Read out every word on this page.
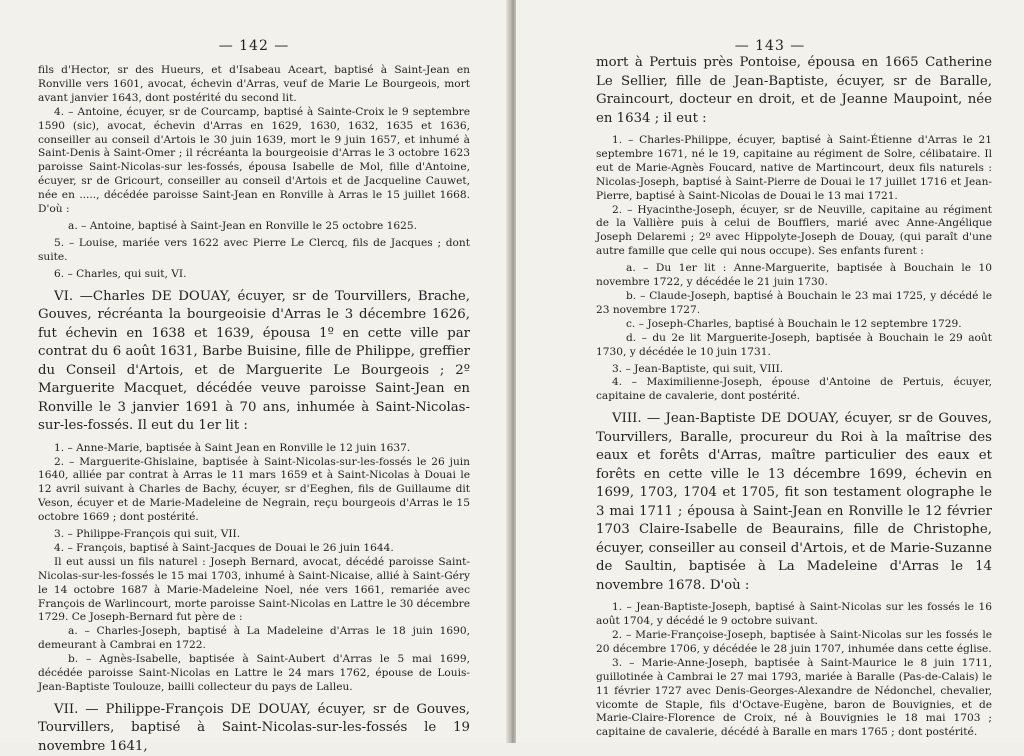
— 142 —

fils d'Hector, sr des Hueurs, et d'Isabeau Aceart, baptisé à Saint-Jean en Ronville vers 1601, avocat, échevin d'Arras, veuf de Marie Le Bourgeois, mort avant janvier 1643, dont postérité du second lit.

4. – Antoine, écuyer, sr de Courcamp, baptisé à Sainte-Croix le 9 septembre 1590 (sic), avocat, échevin d'Arras en 1629, 1630, 1632, 1635 et 1636, conseiller au conseil d'Artois le 30 juin 1639, mort le 9 juin 1657, et inhumé à Saint-Denis à Saint-Omer ; il récréanta la bourgeoisie d'Arras le 3 octobre 1623 paroisse Saint-Nicolas-sur les-fossés, épousa Isabelle de Mol, fille d'Antoine, écuyer, sr de Gricourt, conseiller au conseil d'Artois et de Jacqueline Cauwet, née en ....., décédée paroisse Saint-Jean en Ronville à Arras le 15 juillet 1668. D'où :

a. – Antoine, baptisé à Saint-Jean en Ronville le 25 octobre 1625.

5. – Louise, mariée vers 1622 avec Pierre Le Clercq, fils de Jacques ; dont suite.

6. – Charles, qui suit, VI.

VI. —Charles DE DOUAY, écuyer, sr de Tourvillers, Brache, Gouves, récréanta la bourgeoisie d'Arras le 3 décembre 1626, fut échevin en 1638 et 1639, épousa 1º en cette ville par contrat du 6 août 1631, Barbe Buisine, fille de Philippe, greffier du Conseil d'Artois, et de Marguerite Le Bourgeois ; 2º Marguerite Macquet, décédée veuve paroisse Saint-Jean en Ronville le 3 janvier 1691 à 70 ans, inhumée à Saint-Nicolas-sur-les-fossés. Il eut du 1er lit :

1. – Anne-Marie, baptisée à Saint Jean en Ronville le 12 juin 1637.

2. – Marguerite-Ghislaine, baptisée à Saint-Nicolas-sur-les-fossés le 26 juin 1640, alliée par contrat à Arras le 11 mars 1659 et à Saint-Nicolas à Douai le 12 avril suivant à Charles de Bachy, écuyer, sr d'Eeghen, fils de Guillaume dit Veson, écuyer et de Marie-Madeleine de Negrain, reçu bourgeois d'Arras le 15 octobre 1669 ; dont postérité.

3. – Philippe-François qui suit, VII.

4. – François, baptisé à Saint-Jacques de Douai le 26 juin 1644.

Il eut aussi un fils naturel : Joseph Bernard, avocat, décédé paroisse Saint-Nicolas-sur-les-fossés le 15 mai 1703, inhumé à Saint-Nicaise, allié à Saint-Géry le 14 octobre 1687 à Marie-Madeleine Noel, née vers 1661, remariée avec François de Warlincourt, morte paroisse Saint-Nicolas en Lattre le 30 décembre 1729. Ce Joseph-Bernard fut père de :

a. – Charles-Joseph, baptisé à La Madeleine d'Arras le 18 juin 1690, demeurant à Cambrai en 1722.

b. – Agnès-Isabelle, baptisée à Saint-Aubert d'Arras le 5 mai 1699, décédée paroisse Saint-Nicolas en Lattre le 24 mars 1762, épouse de Louis-Jean-Baptiste Toulouze, bailli collecteur du pays de Lalleu.

VII. — Philippe-François DE DOUAY, écuyer, sr de Gouves, Tourvillers, baptisé à Saint-Nicolas-sur-les-fossés le 19 novembre 1641,

— 143 —

mort à Pertuis près Pontoise, épousa en 1665 Catherine Le Sellier, fille de Jean-Baptiste, écuyer, sr de Baralle, Graincourt, docteur en droit, et de Jeanne Maupoint, née en 1634 ; il eut :

1. – Charles-Philippe, écuyer, baptisé à Saint-Étienne d'Arras le 21 septembre 1671, né le 19, capitaine au régiment de Solre, célibataire. Il eut de Marie-Agnès Foucard, native de Martincourt, deux fils naturels : Nicolas-Joseph, baptisé à Saint-Pierre de Douai le 17 juillet 1716 et Jean-Pierre, baptisé à Saint-Nicolas de Douai le 13 mai 1721.

2. – Hyacinthe-Joseph, écuyer, sr de Neuville, capitaine au régiment de la Vallière puis à celui de Boufflers, marié avec Anne-Angélique Joseph Delaremi ; 2º avec Hippolyte-Joseph de Douay, (qui paraît d'une autre famille que celle qui nous occupe). Ses enfants furent :

a. – Du 1er lit : Anne-Marguerite, baptisée à Bouchain le 10 novembre 1722, y décédée le 21 juin 1730.

b. – Claude-Joseph, baptisé à Bouchain le 23 mai 1725, y décédé le 23 novembre 1727.

c. – Joseph-Charles, baptisé à Bouchain le 12 septembre 1729.

d. – du 2e lit Marguerite-Joseph, baptisée à Bouchain le 29 août 1730, y décédée le 10 juin 1731.

3. – Jean-Baptiste, qui suit, VIII.

4. – Maximilienne-Joseph, épouse d'Antoine de Pertuis, écuyer, capitaine de cavalerie, dont postérité.

VIII. — Jean-Baptiste DE DOUAY, écuyer, sr de Gouves, Tourvillers, Baralle, procureur du Roi à la maîtrise des eaux et forêts d'Arras, maître particulier des eaux et forêts en cette ville le 13 décembre 1699, échevin en 1699, 1703, 1704 et 1705, fit son testament olographe le 3 mai 1711 ; épousa à Saint-Jean en Ronville le 12 février 1703 Claire-Isabelle de Beaurains, fille de Christophe, écuyer, conseiller au conseil d'Artois, et de Marie-Suzanne de Saultin, baptisée à La Madeleine d'Arras le 14 novembre 1678. D'où :

1. – Jean-Baptiste-Joseph, baptisé à Saint-Nicolas sur les fossés le 16 août 1704, y décédé le 9 octobre suivant.

2. – Marie-Françoise-Joseph, baptisée à Saint-Nicolas sur les fossés le 20 décembre 1706, y décédée le 28 juin 1707, inhumée dans cette église.

3. – Marie-Anne-Joseph, baptisée à Saint-Maurice le 8 juin 1711, guillotinée à Cambrai le 27 mai 1793, mariée à Baralle (Pas-de-Calais) le 11 février 1727 avec Denis-Georges-Alexandre de Nédonchel, chevalier, vicomte de Staple, fils d'Octave-Eugène, baron de Bouvignies, et de Marie-Claire-Florence de Croix, né à Bouvignies le 18 mai 1703 ; capitaine de cavalerie, décédé à Baralle en mars 1765 ; dont postérité.
